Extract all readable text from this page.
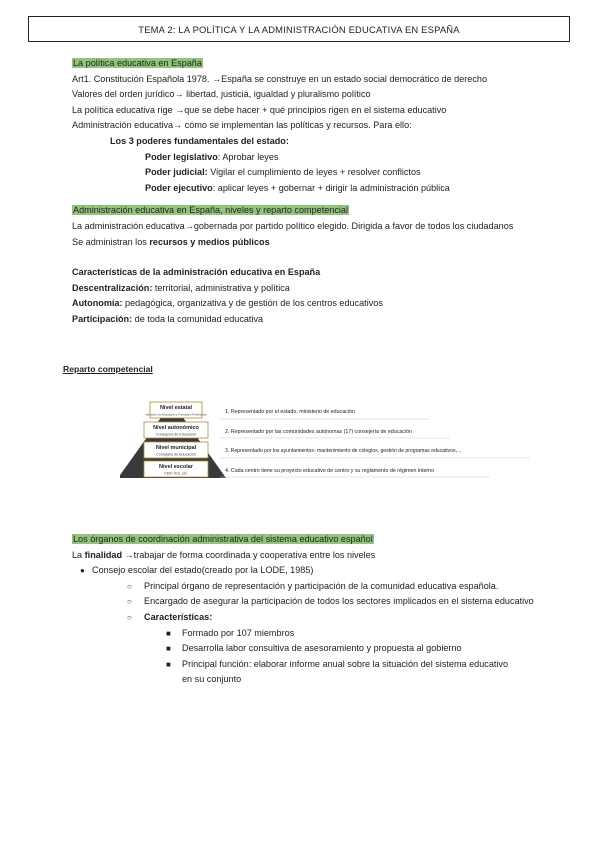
TEMA 2: LA POLÍTICA Y LA ADMINISTRACIÓN EDUCATIVA EN ESPAÑA
La política educativa en España
Art1. Constitución Española 1978. →España se construye en un estado social democrático de derecho
Valores del orden jurídico→ libertad, justicia, igualdad y pluralismo político
La política educativa rige →que se debe hacer + qué principios rigen en el sistema educativo
Administración educativa→ cómo se implementan las políticas y recursos. Para ello:
Los 3 poderes fundamentales del estado:
Poder legislativo: Aprobar leyes
Poder judicial: Vigilar el cumplimiento de leyes + resolver conflictos
Poder ejecutivo: aplicar leyes + gobernar + dirigir la administración pública
Administración educativa en España, niveles y reparto competencial
La administración educativa→gobernada por partido político elegido. Dirigida a favor de todos los ciudadanos
Se administran los recursos y medios públicos
Características de la administración educativa en España
Descentralización: territorial, administrativa y política
Autonomía: pedagógica, organizativa y de gestión de los centros educativos
Participación: de toda la comunidad educativa
Reparto competencial
Nivel estatal
Ministerio de Educación y Formación Profesional
Nivel autonómico
Consejería de Educación
Nivel municipal
Concejalía de Educación
Nivel escolar
CEIP, IES, etc.
1. Representado por el estado, ministerio de educación
2. Representado por las comunidades autónomas (17) consejería de educación
3. Representado por los ayuntamientos- mantenimiento de colegios, gestión de programas educativos,...
4. Cada centro tiene su proyecto educativo de centro y su reglamento de régimen interno
Los órganos de coordinación administrativa del sistema educativo español
La finalidad →trabajar de forma coordinada y cooperativa entre los niveles
● Consejo escolar del estado(creado por la LODE, 1985)
○ Principal órgano de representación y participación de la comunidad educativa española.
○ Encargado de asegurar la participación de todos los sectores implicados en el sistema educativo
○ Características:
■ Formado por 107 miembros
■ Desarrolla labor consultiva de asesoramiento y propuesta al gobierno
■ Principal función: elaborar informe anual sobre la situación del sistema educativo en su conjunto
